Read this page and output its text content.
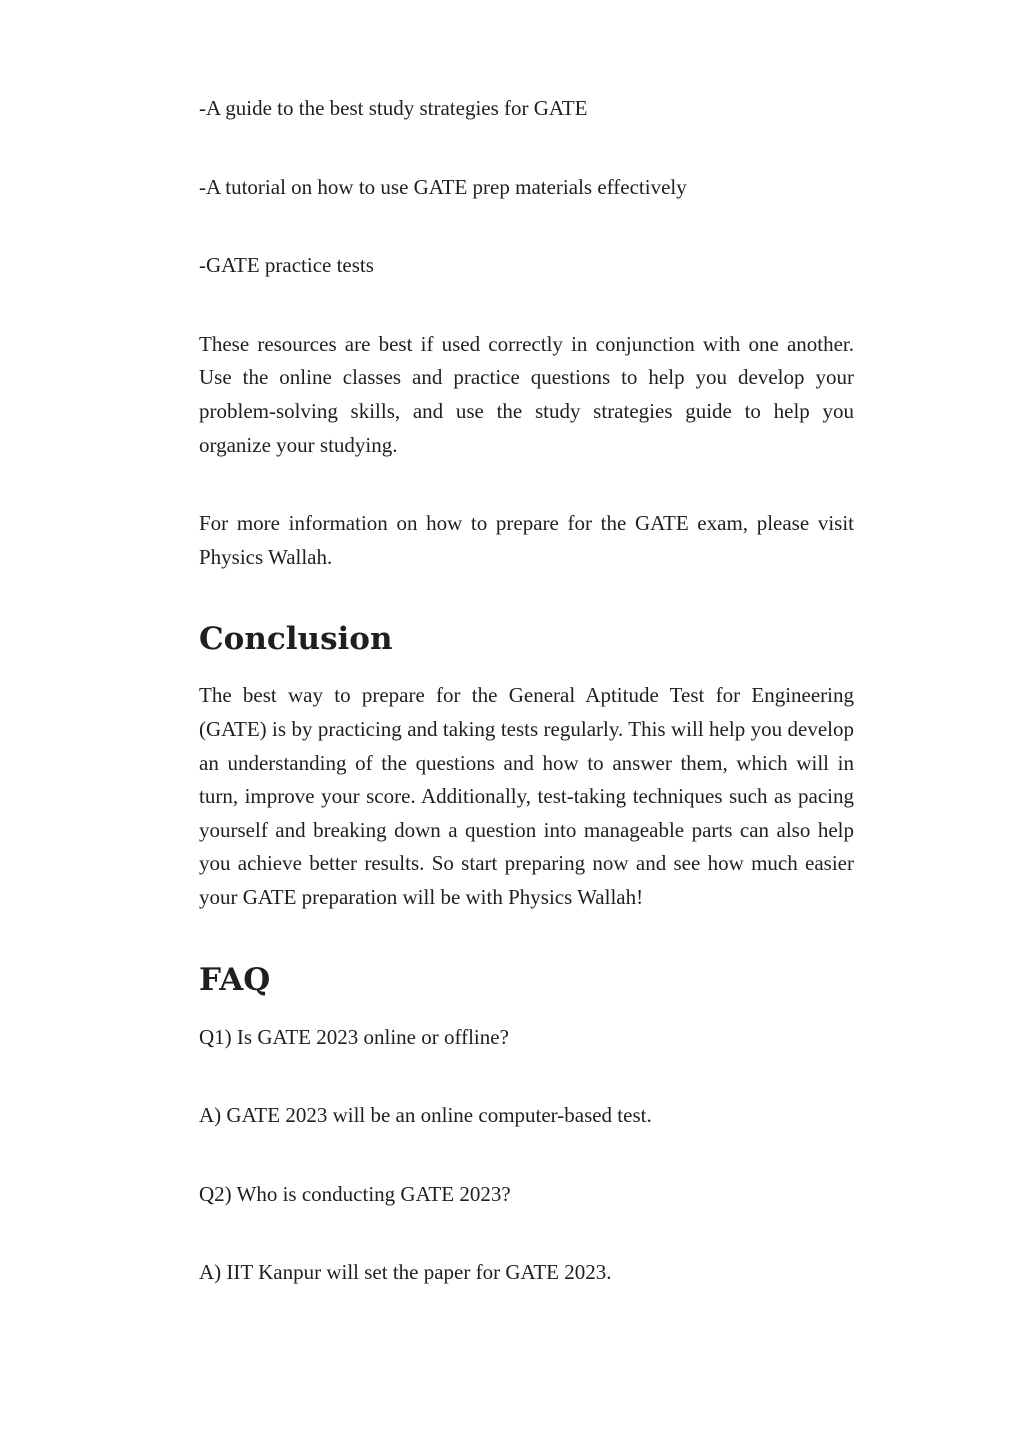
-A guide to the best study strategies for GATE

-A tutorial on how to use GATE prep materials effectively

-GATE practice tests

These resources are best if used correctly in conjunction with one another. Use the online classes and practice questions to help you develop your problem-solving skills, and use the study strategies guide to help you organize your studying.

For more information on how to prepare for the GATE exam, please visit Physics Wallah.

Conclusion

The best way to prepare for the General Aptitude Test for Engineering (GATE) is by practicing and taking tests regularly. This will help you develop an understanding of the questions and how to answer them, which will in turn, improve your score. Additionally, test-taking techniques such as pacing yourself and breaking down a question into manageable parts can also help you achieve better results. So start preparing now and see how much easier your GATE preparation will be with Physics Wallah!

FAQ

Q1) Is GATE 2023 online or offline?

A) GATE 2023 will be an online computer-based test.

Q2) Who is conducting GATE 2023?

A) IIT Kanpur will set the paper for GATE 2023.
